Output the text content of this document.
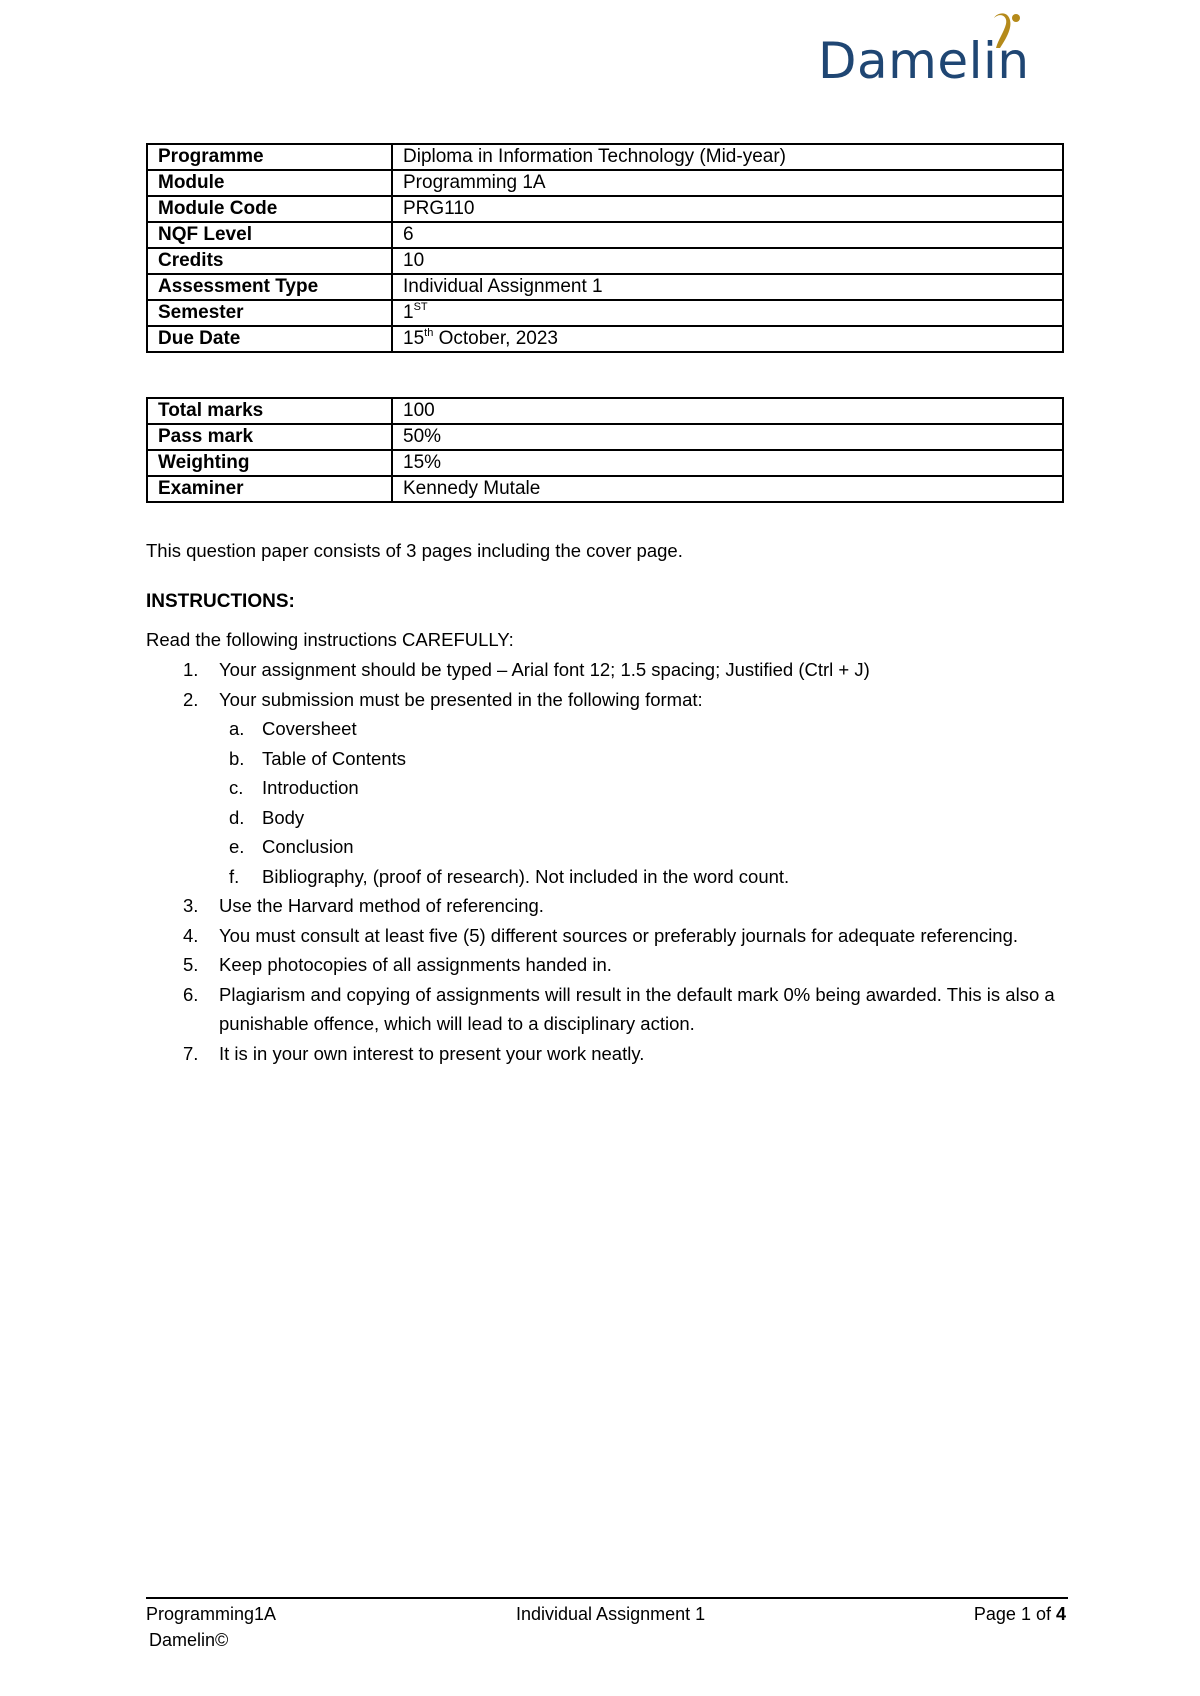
Damelin
Programme	Diploma in Information Technology (Mid-year)
Module	Programming 1A
Module Code	PRG110
NQF Level	6
Credits	10
Assessment Type	Individual Assignment 1
Semester	1ST
Due Date	15th October, 2023
Total marks	100
Pass mark	50%
Weighting	15%
Examiner	Kennedy Mutale
This question paper consists of 3 pages including the cover page.
INSTRUCTIONS:
Read the following instructions CAREFULLY:
1. Your assignment should be typed – Arial font 12; 1.5 spacing; Justified (Ctrl + J)
2. Your submission must be presented in the following format:
a. Coversheet
b. Table of Contents
c. Introduction
d. Body
e. Conclusion
f. Bibliography, (proof of research). Not included in the word count.
3. Use the Harvard method of referencing.
4. You must consult at least five (5) different sources or preferably journals for adequate referencing.
5. Keep photocopies of all assignments handed in.
6. Plagiarism and copying of assignments will result in the default mark 0% being awarded. This is also a punishable offence, which will lead to a disciplinary action.
7. It is in your own interest to present your work neatly.
Programming1A	Individual Assignment 1	Page 1 of 4
Damelin©
